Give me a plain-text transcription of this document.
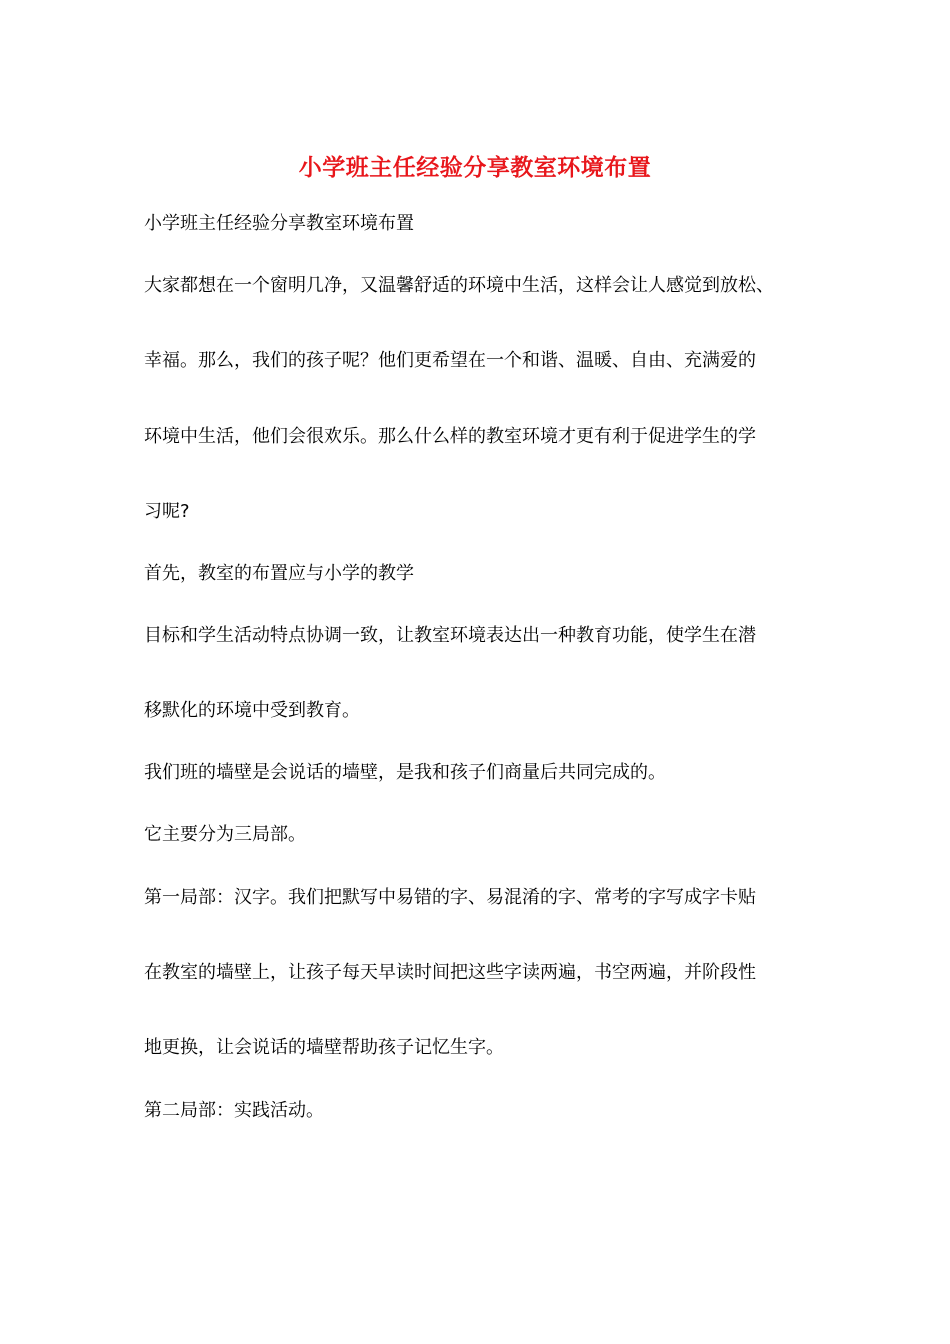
小学班主任经验分享教室环境布置
小学班主任经验分享教室环境布置
大家都想在一个窗明几净，又温馨舒适的环境中生活，这样会让人感觉到放松、
幸福。那么，我们的孩子呢？他们更希望在一个和谐、温暖、自由、充满爱的
环境中生活，他们会很欢乐。那么什么样的教室环境才更有利于促进学生的学
习呢?
首先，教室的布置应与小学的教学
目标和学生活动特点协调一致，让教室环境表达出一种教育功能，使学生在潜
移默化的环境中受到教育。
我们班的墙壁是会说话的墙壁，是我和孩子们商量后共同完成的。
它主要分为三局部。
第一局部：汉字。我们把默写中易错的字、易混淆的字、常考的字写成字卡贴
在教室的墙壁上，让孩子每天早读时间把这些字读两遍，书空两遍，并阶段性
地更换，让会说话的墙壁帮助孩子记忆生字。
第二局部：实践活动。
